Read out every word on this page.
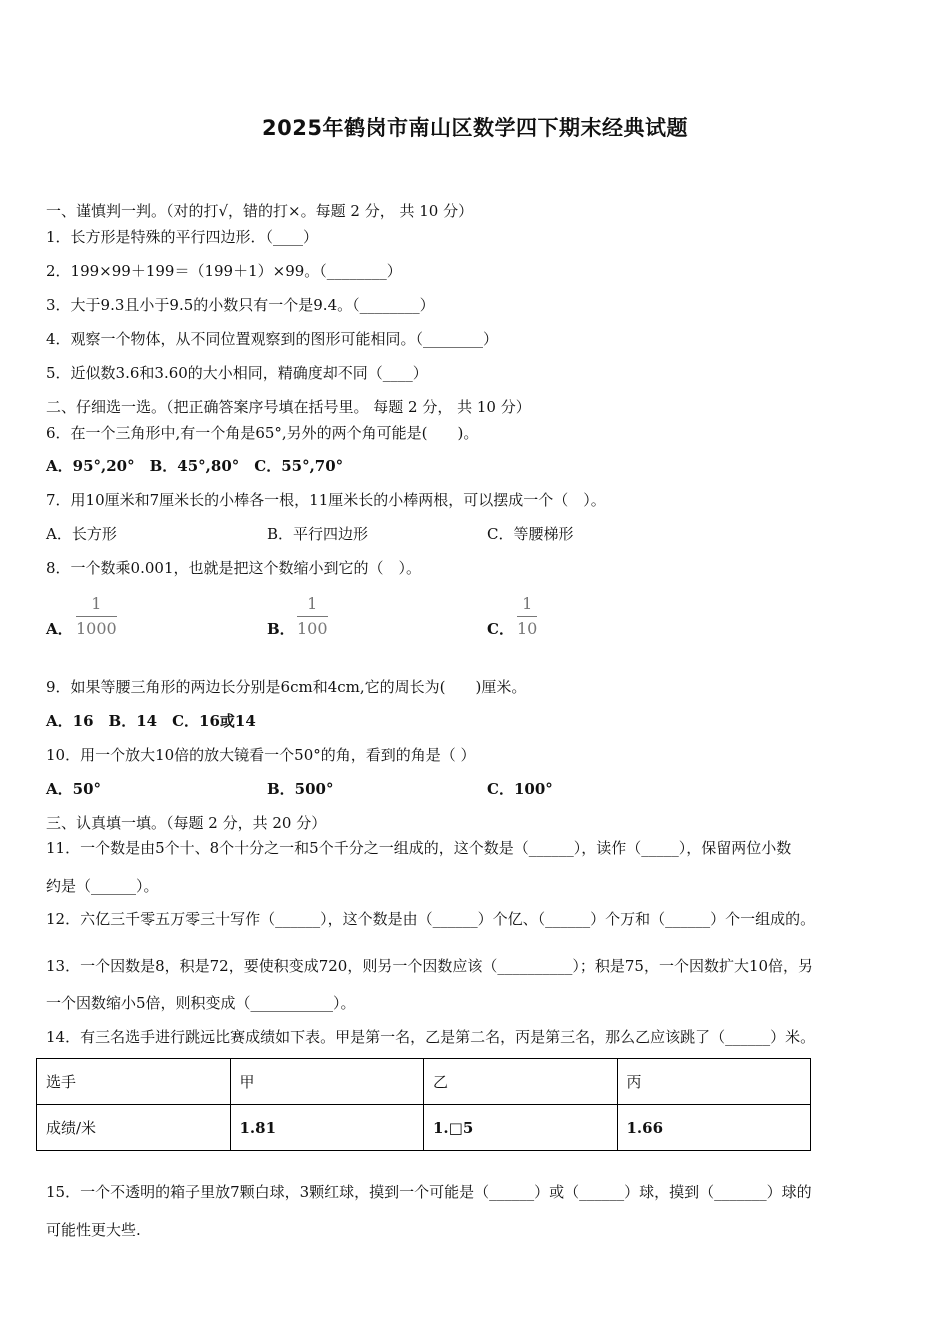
2025年鹤岗市南山区数学四下期末经典试题
一、谨慎判一判。（对的打√，错的打×。每题 2 分， 共 10 分）
1．长方形是特殊的平行四边形．（____）
2．199×99＋199＝（199＋1）×99。（________）
3．大于9.3且小于9.5的小数只有一个是9.4。（________）
4．观察一个物体，从不同位置观察到的图形可能相同。（________）
5．近似数3.6和3.60的大小相同，精确度却不同（____）
二、仔细选一选。（把正确答案序号填在括号里。 每题 2 分， 共 10 分）
6．在一个三角形中,有一个角是65°,另外的两个角可能是(　　)。
A．95°,20°　B．45°,80°　C．55°,70°
7．用10厘米和7厘米长的小棒各一根，11厘米长的小棒两根，可以摆成一个（　）。
A．长方形	B．平行四边形	C．等腰梯形
8．一个数乘0.001，也就是把这个数缩小到它的（　）。
A．
1
1000	B．
1
100	C．
1
10
9．如果等腰三角形的两边长分别是6cm和4cm,它的周长为(　　)厘米。
A．16　B．14　C．16或14
10．用一个放大10倍的放大镜看一个50°的角，看到的角是（ ）
A．50°	B．500°	C．100°
三、认真填一填。（每题 2 分，共 20 分）
11．一个数是由5个十、8个十分之一和5个千分之一组成的，这个数是（______），读作（_____），保留两位小数
约是（______）。
12．六亿三千零五万零三十写作（______），这个数是由（______）个亿、（______）个万和（______）个一组成的。
13．一个因数是8，积是72，要使积变成720，则另一个因数应该（__________）；积是75，一个因数扩大10倍，另
一个因数缩小5倍，则积变成（___________）。
14．有三名选手进行跳远比赛成绩如下表。甲是第一名，乙是第二名，丙是第三名，那么乙应该跳了（______）米。
选手	甲	乙	丙
成绩/米	1.81	1.□5	1.66
15．一个不透明的箱子里放7颗白球，3颗红球，摸到一个可能是（______）或（______）球，摸到（_______）球的
可能性更大些.
